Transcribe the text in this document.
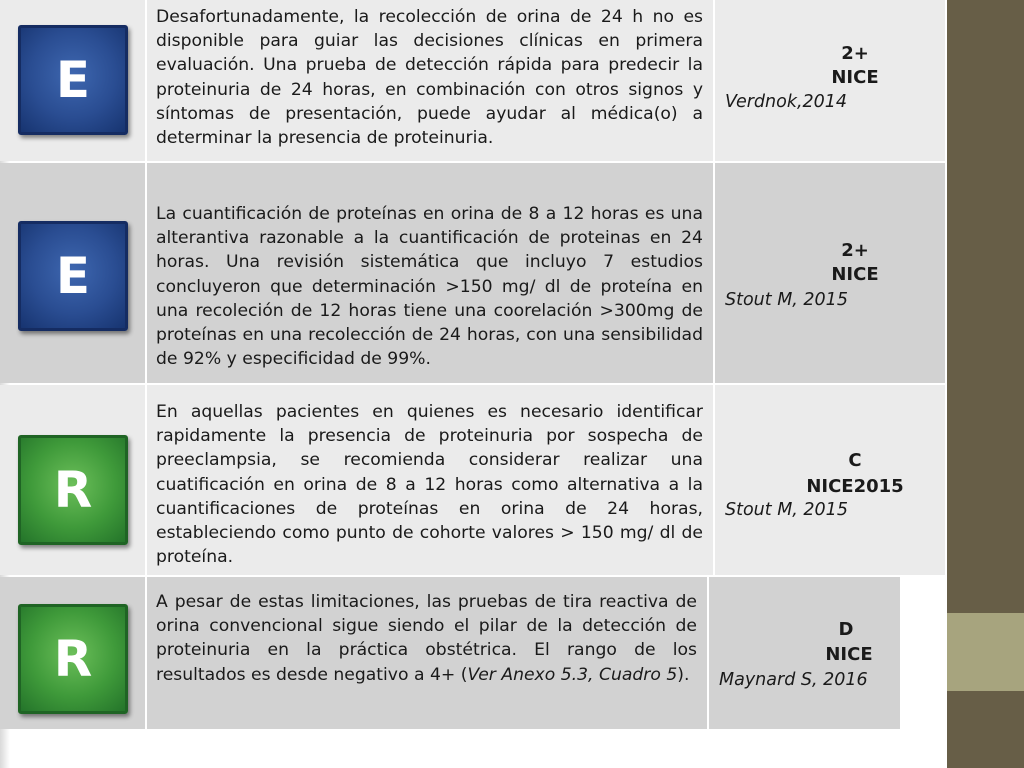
E
Desafortunadamente, la recolección de orina de 24 h no es disponible para guiar las decisiones clínicas en primera evaluación. Una prueba de detección rápida para predecir la proteinuria de 24 horas, en combinación con otros signos y síntomas de presentación, puede ayudar al médica(o) a determinar la presencia de proteinuria.
2+
NICE
Verdnok,2014
E
La cuantificación de proteínas en orina de 8 a 12 horas es una alterantiva razonable a la cuantificación de proteinas en 24 horas. Una revisión sistemática que incluyo 7 estudios concluyeron que determinación >150 mg/ dl de proteína en una recoleción de 12 horas tiene una coorelación >300mg de proteínas en una recolección de 24 horas, con una sensibilidad de 92% y especificidad de 99%.
2+
NICE
Stout M, 2015
R
En aquellas pacientes en quienes es necesario identificar rapidamente la presencia de proteinuria por sospecha de preeclampsia, se recomienda considerar realizar una cuatificación en orina de 8 a 12 horas como alternativa a la cuantificaciones de proteínas en orina de 24 horas, estableciendo como punto de cohorte valores > 150 mg/ dl de proteína.
C
NICE2015
Stout M, 2015
R
A pesar de estas limitaciones, las pruebas de tira reactiva de orina convencional sigue siendo el pilar de la detección de proteinuria en la práctica obstétrica. El rango de los resultados es desde negativo a 4+ (Ver Anexo 5.3, Cuadro 5).
D
NICE
Maynard S, 2016
